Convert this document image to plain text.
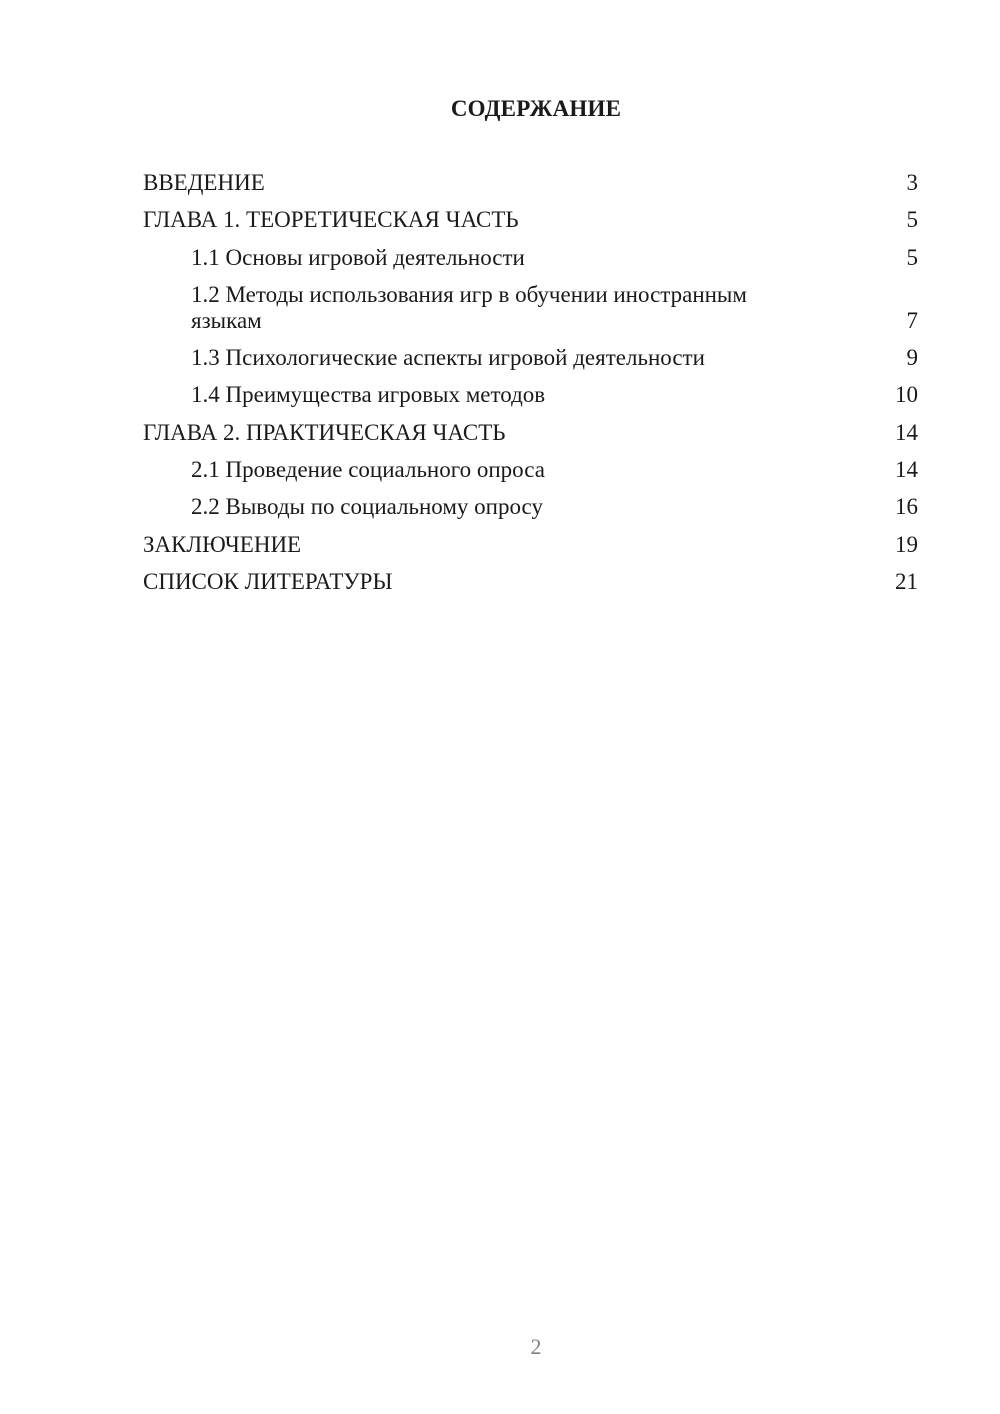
СОДЕРЖАНИЕ
ВВЕДЕНИЕ	3
ГЛАВА 1. ТЕОРЕТИЧЕСКАЯ ЧАСТЬ	5
1.1 Основы игровой деятельности	5
1.2 Методы использования игр в обучении иностранным языкам	7
1.3 Психологические аспекты игровой деятельности	9
1.4 Преимущества игровых методов	10
ГЛАВА 2. ПРАКТИЧЕСКАЯ ЧАСТЬ	14
2.1 Проведение социального опроса	14
2.2 Выводы по социальному опросу	16
ЗАКЛЮЧЕНИЕ	19
СПИСОК ЛИТЕРАТУРЫ	21
2
